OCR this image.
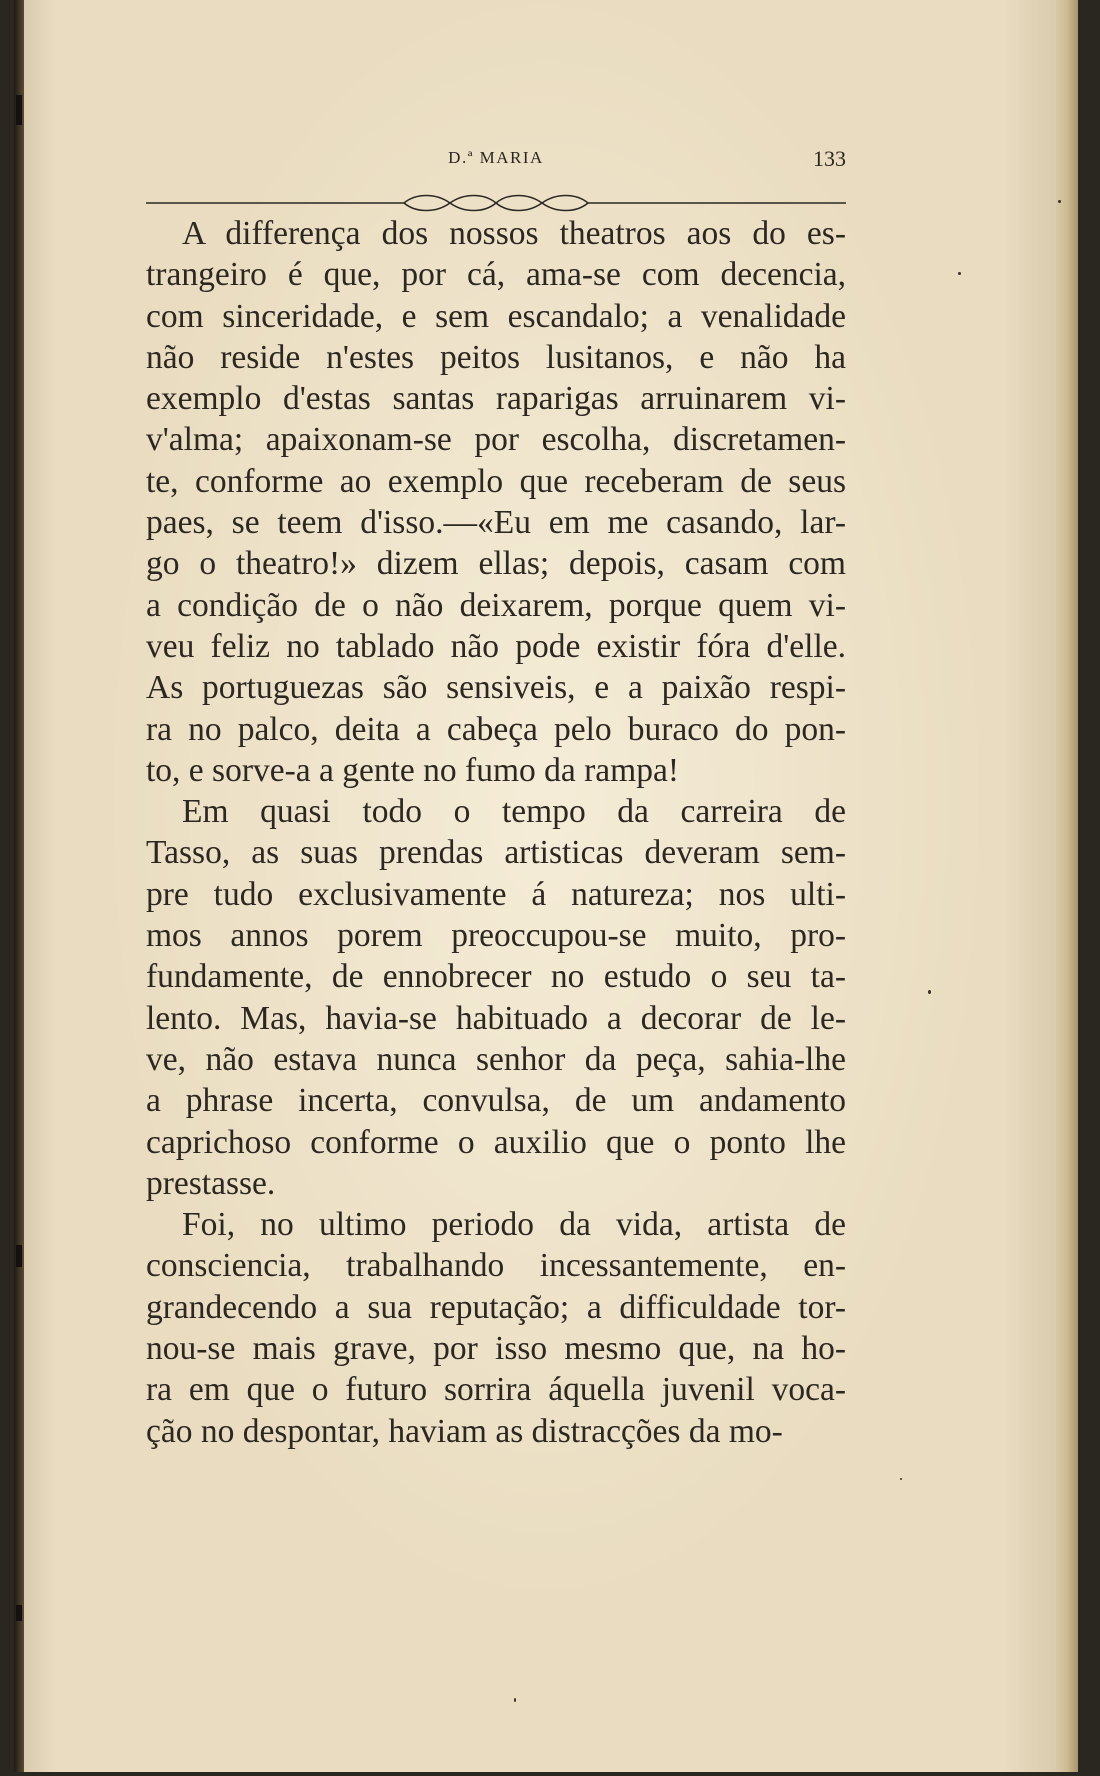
D.ª MARIA	133
A differença dos nossos theatros aos do es-
trangeiro é que, por cá, ama-se com decencia,
com sinceridade, e sem escandalo; a venalidade
não reside n'estes peitos lusitanos, e não ha
exemplo d'estas santas raparigas arruinarem vi-
v'alma; apaixonam-se por escolha, discretamen-
te, conforme ao exemplo que receberam de seus
paes, se teem d'isso.—«Eu em me casando, lar-
go o theatro!» dizem ellas; depois, casam com
a condição de o não deixarem, porque quem vi-
veu feliz no tablado não pode existir fóra d'elle.
As portuguezas são sensiveis, e a paixão respi-
ra no palco, deita a cabeça pelo buraco do pon-
to, e sorve-a a gente no fumo da rampa!
Em quasi todo o tempo da carreira de
Tasso, as suas prendas artisticas deveram sem-
pre tudo exclusivamente á natureza; nos ulti-
mos annos porem preoccupou-se muito, pro-
fundamente, de ennobrecer no estudo o seu ta-
lento. Mas, havia-se habituado a decorar de le-
ve, não estava nunca senhor da peça, sahia-lhe
a phrase incerta, convulsa, de um andamento
caprichoso conforme o auxilio que o ponto lhe
prestasse.
Foi, no ultimo periodo da vida, artista de
consciencia, trabalhando incessantemente, en-
grandecendo a sua reputação; a difficuldade tor-
nou-se mais grave, por isso mesmo que, na ho-
ra em que o futuro sorrira áquella juvenil voca-
ção no despontar, haviam as distracções da mo-
